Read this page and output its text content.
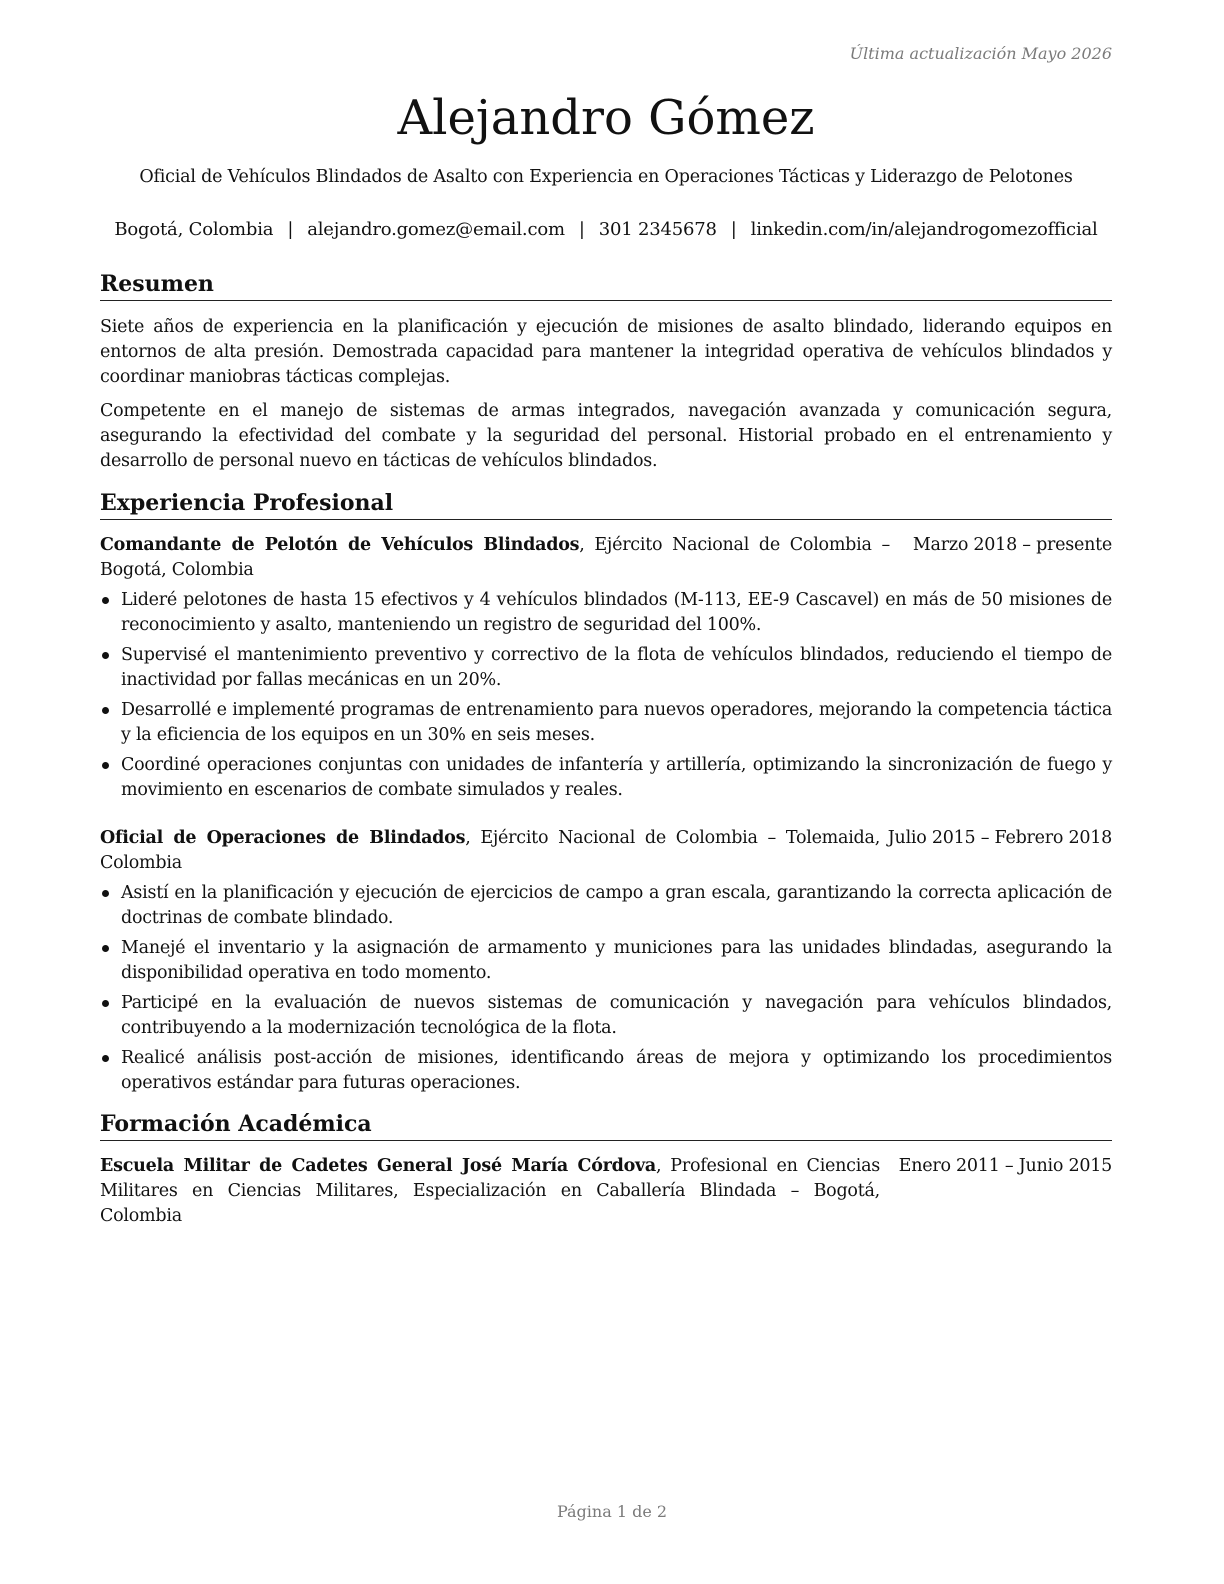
Última actualización Mayo 2026
Alejandro Gómez
Oficial de Vehículos Blindados de Asalto con Experiencia en Operaciones Tácticas y Liderazgo de Pelotones
Bogotá, Colombia | alejandro.gomez@email.com | 301 2345678 | linkedin.com/in/alejandrogomezofficial
Resumen

Siete años de experiencia en la planificación y ejecución de misiones de asalto blindado, liderando equipos en entornos de alta presión. Demostrada capacidad para mantener la integridad operativa de vehículos blindados y coordinar maniobras tácticas complejas.

Competente en el manejo de sistemas de armas integrados, navegación avanzada y comunicación segura, asegurando la efectividad del combate y la seguridad del personal. Historial probado en el entrenamiento y desarrollo de personal nuevo en tácticas de vehículos blindados.

Experiencia Profesional
Marzo 2018 – presente
Comandante de Pelotón de Vehículos Blindados, Ejército Nacional de Colombia – Bogotá, Colombia
Lideré pelotones de hasta 15 efectivos y 4 vehículos blindados (M-113, EE-9 Cascavel) en más de 50 misiones de reconocimiento y asalto, manteniendo un registro de seguridad del 100%.
Supervisé el mantenimiento preventivo y correctivo de la flota de vehículos blindados, reduciendo el tiempo de inactividad por fallas mecánicas en un 20%.
Desarrollé e implementé programas de entrenamiento para nuevos operadores, mejorando la competencia táctica y la eficiencia de los equipos en un 30% en seis meses.
Coordiné operaciones conjuntas con unidades de infantería y artillería, optimizando la sincronización de fuego y movimiento en escenarios de combate simulados y reales.
Julio 2015 – Febrero 2018
Oficial de Operaciones de Blindados, Ejército Nacional de Colombia – Tolemaida, Colombia
Asistí en la planificación y ejecución de ejercicios de campo a gran escala, garantizando la correcta aplicación de doctrinas de combate blindado.
Manejé el inventario y la asignación de armamento y municiones para las unidades blindadas, asegurando la disponibilidad operativa en todo momento.
Participé en la evaluación de nuevos sistemas de comunicación y navegación para vehículos blindados, contribuyendo a la modernización tecnológica de la flota.
Realicé análisis post-acción de misiones, identificando áreas de mejora y optimizando los procedimientos operativos estándar para futuras operaciones.
Formación Académica
Enero 2011 – Junio 2015
Escuela Militar de Cadetes General José María Córdova, Profesional en Ciencias Militares en Ciencias Militares, Especialización en Caballería Blindada – Bogotá, Colombia
Página 1 de 2
